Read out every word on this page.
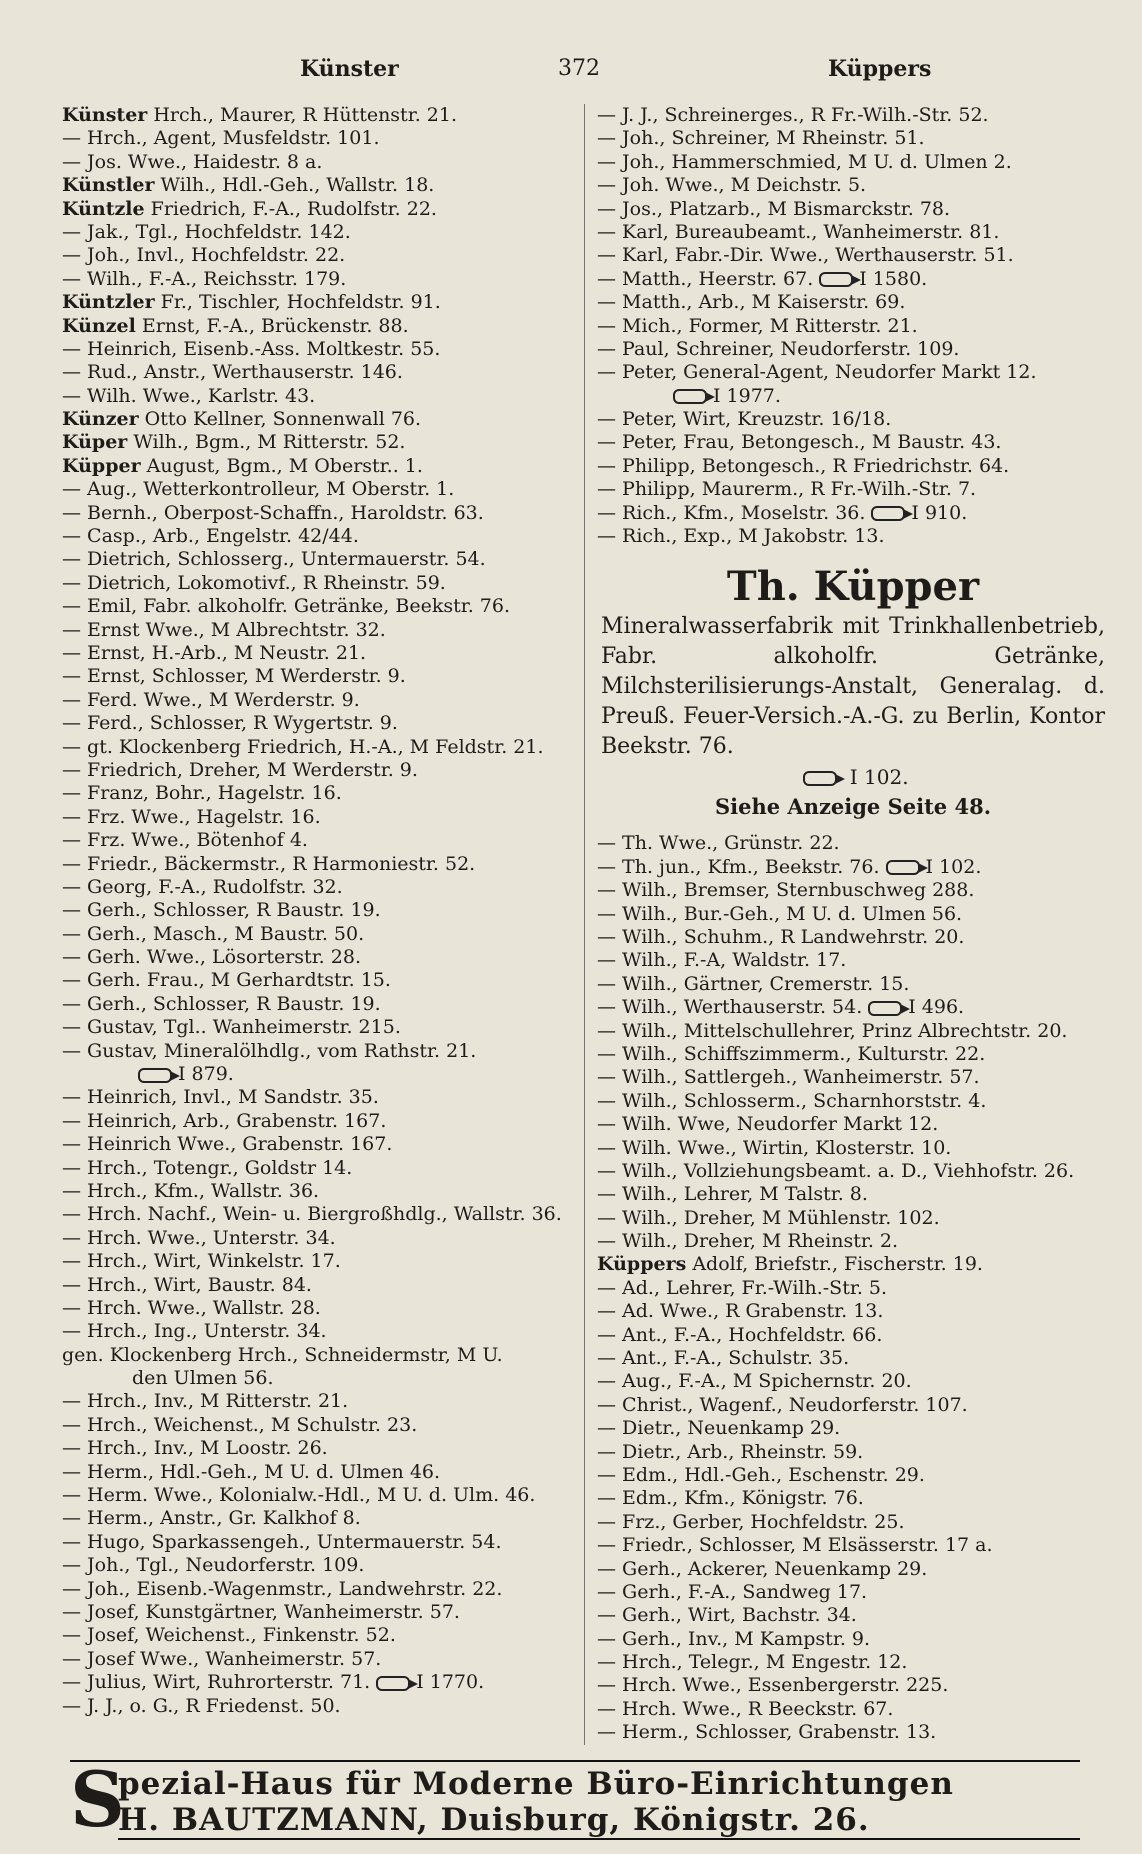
Künster	372	Küppers
Künster Hrch., Maurer, R Hüttenstr. 21.
— Hrch., Agent, Musfeldstr. 101.
— Jos. Wwe., Haidestr. 8 a.
Künstler Wilh., Hdl.-Geh., Wallstr. 18.
Küntzle Friedrich, F.-A., Rudolfstr. 22.
— Jak., Tgl., Hochfeldstr. 142.
— Joh., Invl., Hochfeldstr. 22.
— Wilh., F.-A., Reichsstr. 179.
Küntzler Fr., Tischler, Hochfeldstr. 91.
Künzel Ernst, F.-A., Brückenstr. 88.
— Heinrich, Eisenb.-Ass. Moltkestr. 55.
— Rud., Anstr., Werthauserstr. 146.
— Wilh. Wwe., Karlstr. 43.
Künzer Otto Kellner, Sonnenwall 76.
Küper Wilh., Bgm., M Ritterstr. 52.
Küpper August, Bgm., M Oberstr.. 1.
— Aug., Wetterkontrolleur, M Oberstr. 1.
— Bernh., Oberpost-Schaffn., Haroldstr. 63.
— Casp., Arb., Engelstr. 42/44.
— Dietrich, Schlosserg., Untermauerstr. 54.
— Dietrich, Lokomotivf., R Rheinstr. 59.
— Emil, Fabr. alkoholfr. Getränke, Beekstr. 76.
— Ernst Wwe., M Albrechtstr. 32.
— Ernst, H.-Arb., M Neustr. 21.
— Ernst, Schlosser, M Werderstr. 9.
— Ferd. Wwe., M Werderstr. 9.
— Ferd., Schlosser, R Wygertstr. 9.
— gt. Klockenberg Friedrich, H.-A., M Feldstr. 21.
— Friedrich, Dreher, M Werderstr. 9.
— Franz, Bohr., Hagelstr. 16.
— Frz. Wwe., Hagelstr. 16.
— Frz. Wwe., Bötenhof 4.
— Friedr., Bäckermstr., R Harmoniestr. 52.
— Georg, F.-A., Rudolfstr. 32.
— Gerh., Schlosser, R Baustr. 19.
— Gerh., Masch., M Baustr. 50.
— Gerh. Wwe., Lösorterstr. 28.
— Gerh. Frau., M Gerhardtstr. 15.
— Gerh., Schlosser, R Baustr. 19.
— Gustav, Tgl.. Wanheimerstr. 215.
— Gustav, Mineralölhdlg., vom Rathstr. 21.
I 879.
— Heinrich, Invl., M Sandstr. 35.
— Heinrich, Arb., Grabenstr. 167.
— Heinrich Wwe., Grabenstr. 167.
— Hrch., Totengr., Goldstr 14.
— Hrch., Kfm., Wallstr. 36.
— Hrch. Nachf., Wein- u. Biergroßhdlg., Wallstr. 36.
— Hrch. Wwe., Unterstr. 34.
— Hrch., Wirt, Winkelstr. 17.
— Hrch., Wirt, Baustr. 84.
— Hrch. Wwe., Wallstr. 28.
— Hrch., Ing., Unterstr. 34.
gen. Klockenberg Hrch., Schneidermstr, M U.
den Ulmen 56.
— Hrch., Inv., M Ritterstr. 21.
— Hrch., Weichenst., M Schulstr. 23.
— Hrch., Inv., M Loostr. 26.
— Herm., Hdl.-Geh., M U. d. Ulmen 46.
— Herm. Wwe., Kolonialw.-Hdl., M U. d. Ulm. 46.
— Herm., Anstr., Gr. Kalkhof 8.
— Hugo, Sparkassengeh., Untermauerstr. 54.
— Joh., Tgl., Neudorferstr. 109.
— Joh., Eisenb.-Wagenmstr., Landwehrstr. 22.
— Josef, Kunstgärtner, Wanheimerstr. 57.
— Josef, Weichenst., Finkenstr. 52.
— Josef Wwe., Wanheimerstr. 57.
— Julius, Wirt, Ruhrorterstr. 71. I 1770.
— J. J., o. G., R Friedenst. 50.
— J. J., Schreinerges., R Fr.-Wilh.-Str. 52.
— Joh., Schreiner, M Rheinstr. 51.
— Joh., Hammerschmied, M U. d. Ulmen 2.
— Joh. Wwe., M Deichstr. 5.
— Jos., Platzarb., M Bismarckstr. 78.
— Karl, Bureaubeamt., Wanheimerstr. 81.
— Karl, Fabr.-Dir. Wwe., Werthauserstr. 51.
— Matth., Heerstr. 67. I 1580.
— Matth., Arb., M Kaiserstr. 69.
— Mich., Former, M Ritterstr. 21.
— Paul, Schreiner, Neudorferstr. 109.
— Peter, General-Agent, Neudorfer Markt 12.
I 1977.
— Peter, Wirt, Kreuzstr. 16/18.
— Peter, Frau, Betongesch., M Baustr. 43.
— Philipp, Betongesch., R Friedrichstr. 64.
— Philipp, Maurerm., R Fr.-Wilh.-Str. 7.
— Rich., Kfm., Moselstr. 36. I 910.
— Rich., Exp., M Jakobstr. 13.
Th. Küpper
Mineralwasserfabrik mit Trinkhallenbetrieb, Fabr. alkoholfr. Getränke, Milchsterilisierungs-Anstalt, Generalag. d. Preuß. Feuer-Versich.-A.-G. zu Berlin, Kontor Beekstr. 76.
I 102.
Siehe Anzeige Seite 48.
— Th. Wwe., Grünstr. 22.
— Th. jun., Kfm., Beekstr. 76. I 102.
— Wilh., Bremser, Sternbuschweg 288.
— Wilh., Bur.-Geh., M U. d. Ulmen 56.
— Wilh., Schuhm., R Landwehrstr. 20.
— Wilh., F.-A, Waldstr. 17.
— Wilh., Gärtner, Cremerstr. 15.
— Wilh., Werthauserstr. 54. I 496.
— Wilh., Mittelschullehrer, Prinz Albrechtstr. 20.
— Wilh., Schiffszimmerm., Kulturstr. 22.
— Wilh., Sattlergeh., Wanheimerstr. 57.
— Wilh., Schlosserm., Scharnhorststr. 4.
— Wilh. Wwe, Neudorfer Markt 12.
— Wilh. Wwe., Wirtin, Klosterstr. 10.
— Wilh., Vollziehungsbeamt. a. D., Viehhofstr. 26.
— Wilh., Lehrer, M Talstr. 8.
— Wilh., Dreher, M Mühlenstr. 102.
— Wilh., Dreher, M Rheinstr. 2.
Küppers Adolf, Briefstr., Fischerstr. 19.
— Ad., Lehrer, Fr.-Wilh.-Str. 5.
— Ad. Wwe., R Grabenstr. 13.
— Ant., F.-A., Hochfeldstr. 66.
— Ant., F.-A., Schulstr. 35.
— Aug., F.-A., M Spichernstr. 20.
— Christ., Wagenf., Neudorferstr. 107.
— Dietr., Neuenkamp 29.
— Dietr., Arb., Rheinstr. 59.
— Edm., Hdl.-Geh., Eschenstr. 29.
— Edm., Kfm., Königstr. 76.
— Frz., Gerber, Hochfeldstr. 25.
— Friedr., Schlosser, M Elsässerstr. 17 a.
— Gerh., Ackerer, Neuenkamp 29.
— Gerh., F.-A., Sandweg 17.
— Gerh., Wirt, Bachstr. 34.
— Gerh., Inv., M Kampstr. 9.
— Hrch., Telegr., M Engestr. 12.
— Hrch. Wwe., Essenbergerstr. 225.
— Hrch. Wwe., R Beeckstr. 67.
— Herm., Schlosser, Grabenstr. 13.
S
pezial-Haus für Moderne Büro-Einrichtungen
H. BAUTZMANN, Duisburg, Königstr. 26.
